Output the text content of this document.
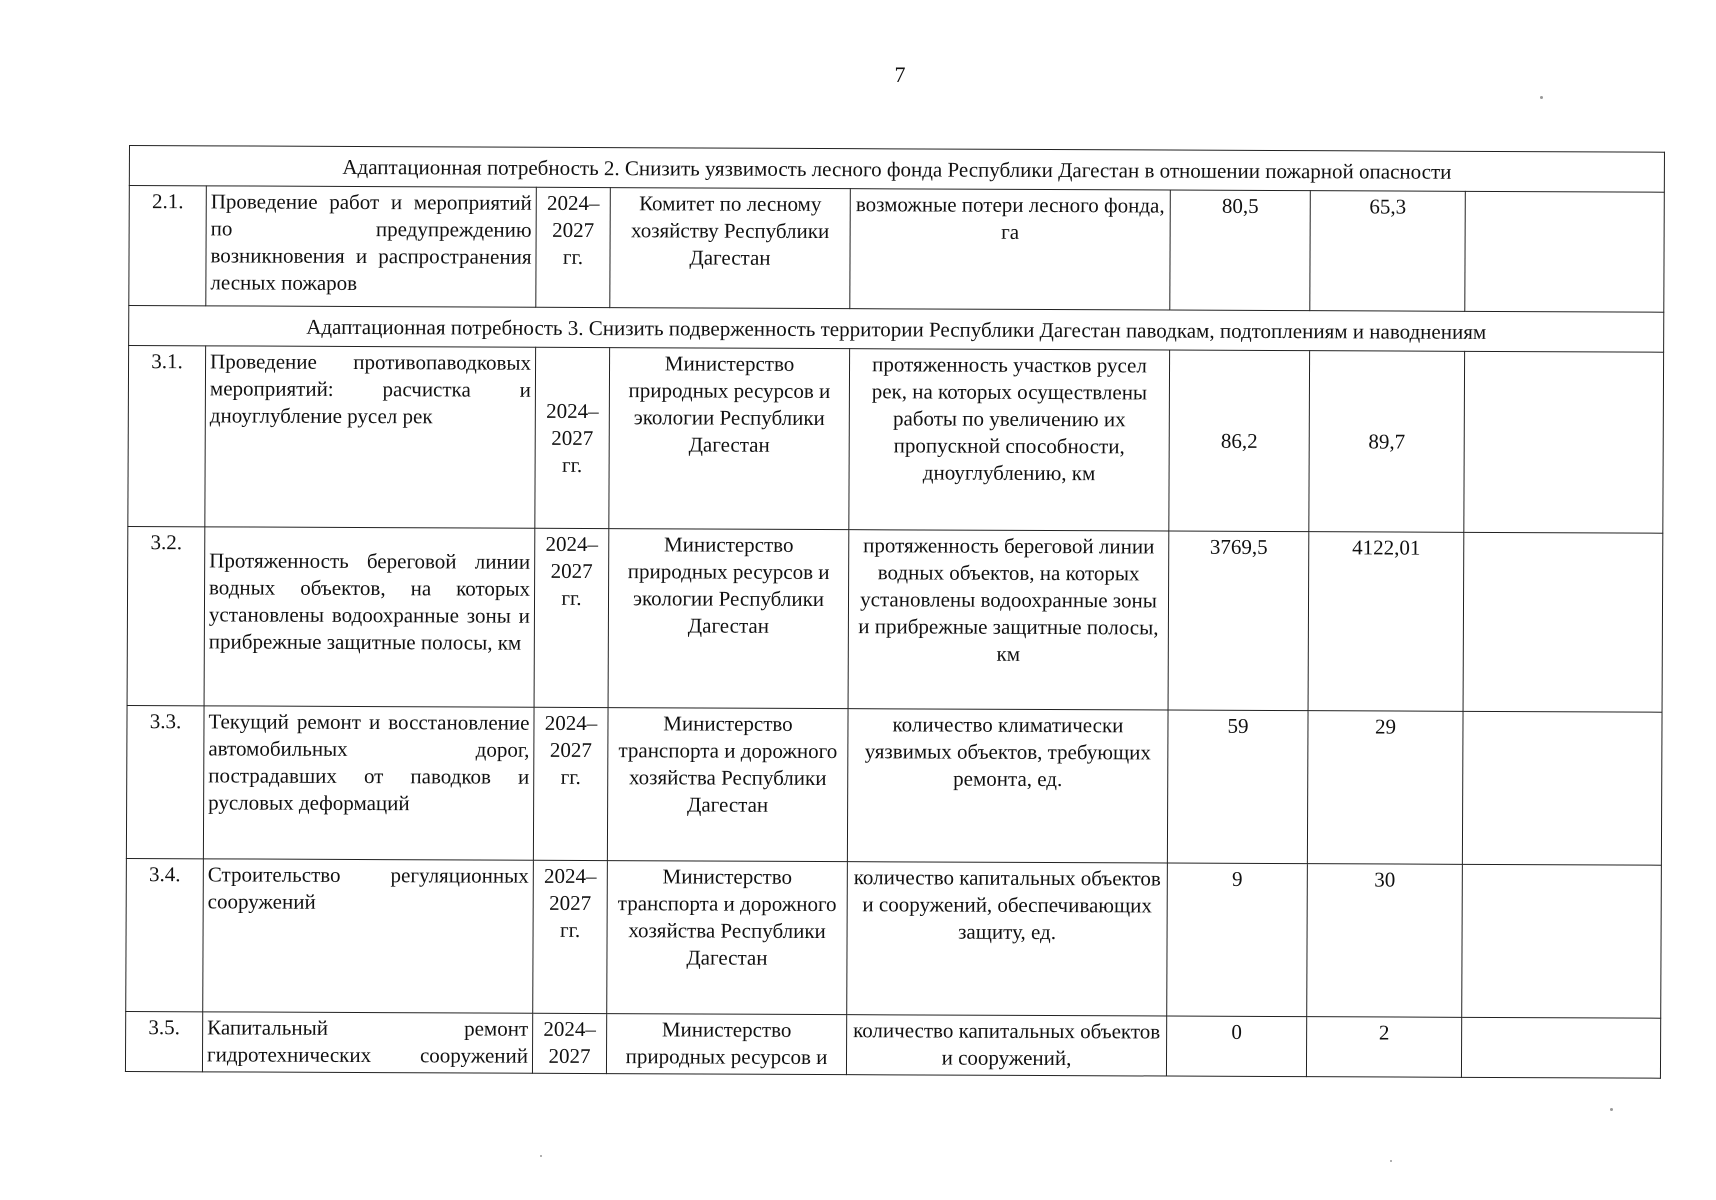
7
Адаптационная потребность 2. Снизить уязвимость лесного фонда Республики Дагестан в отношении пожарной опасности							
2.1.	Проведение работ и мероприятий по предупреждению возникновения и распространения лесных пожаров	2024–2027 гг.	Комитет по лесному хозяйству Республики Дагестан	возможные потери лесного фонда, га	80,5	65,3	
Адаптационная потребность 3. Снизить подверженность территории Республики Дагестан паводкам, подтоплениям и наводнениям							
3.1.	Проведение противопаводковых мероприятий: расчистка и дноуглубление русел рек	2024–2027 гг.	Министерство природных ресурсов и экологии Республики Дагестан	протяженность участков русел рек, на которых осуществлены работы по увеличению их пропускной способности, дноуглублению, км	86,2	89,7	
3.2.	Протяженность береговой линии водных объектов, на которых установлены водоохранные зоны и прибрежные защитные полосы, км	2024–2027 гг.	Министерство природных ресурсов и экологии Республики Дагестан	протяженность береговой линии водных объектов, на которых установлены водоохранные зоны и прибрежные защитные полосы, км	3769,5	4122,01	
3.3.	Текущий ремонт и восстановление автомобильных дорог, пострадавших от паводков и русловых деформаций	2024–2027 гг.	Министерство транспорта и дорожного хозяйства Республики Дагестан	количество климатически уязвимых объектов, требующих ремонта, ед.	59	29	
3.4.	Строительство регуляционных сооружений	2024–2027 гг.	Министерство транспорта и дорожного хозяйства Республики Дагестан	количество капитальных объектов и сооружений, обеспечивающих защиту, ед.	9	30	
3.5.	Капитальный ремонт гидротехнических сооружений	2024–2027	Министерство природных ресурсов и	количество капитальных объектов и сооружений,	0	2	
